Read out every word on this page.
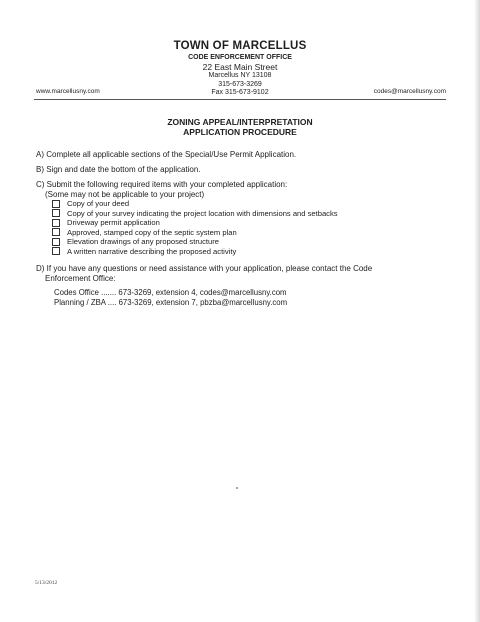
TOWN OF MARCELLUS
CODE ENFORCEMENT OFFICE
22 East Main Street
Marcellus NY 13108
315-673-3269
Fax 315-673-9102
www.marcellusny.com	codes@marcellusny.com
ZONING APPEAL/INTERPRETATION
APPLICATION PROCEDURE
A) Complete all applicable sections of the Special/Use Permit Application.
B) Sign and date the bottom of the application.
C) Submit the following required items with your completed application:
(Some may not be applicable to your project)
Copy of your deed
Copy of your survey indicating the project location with dimensions and setbacks
Driveway permit application
Approved, stamped copy of the septic system plan
Elevation drawings of any proposed structure
A written narrative describing the proposed activity
D) If you have any questions or need assistance with your application, please contact the Code
Enforcement Office:
Codes Office ....... 673-3269, extension 4, codes@marcellusny.com
Planning / ZBA .... 673-3269, extension 7, pbzba@marcellusny.com
5/13/2012
